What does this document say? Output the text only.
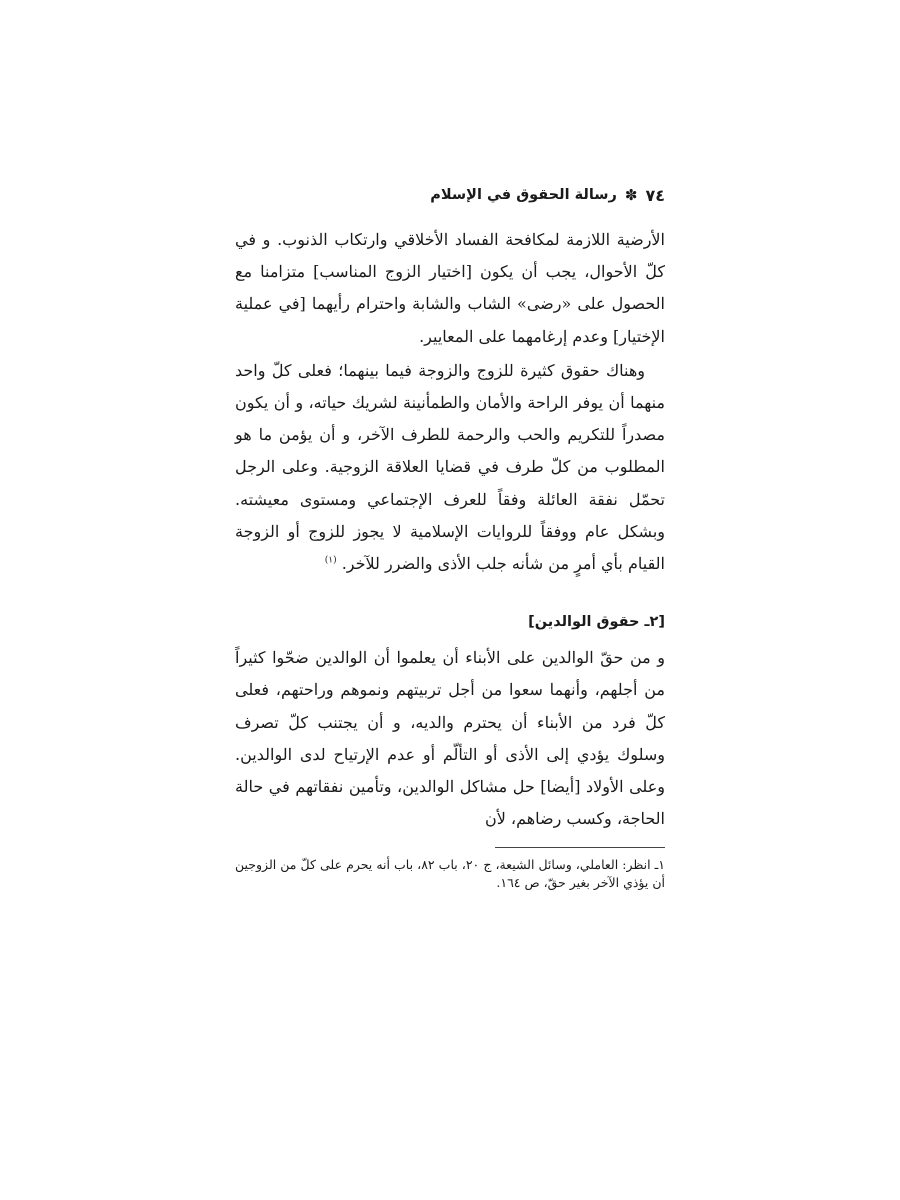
٧٤
✽
رسالة الحقوق في الإسلام

الأرضية اللازمة لمكافحة الفساد الأخلاقي وارتكاب الذنوب. و في كلّ الأحوال، يجب أن يكون [اختيار الزوج المناسب] متزامنا مع الحصول على «رضى» الشاب والشابة واحترام رأيهما [في عملية الإختيار] وعدم إرغامهما على المعايير.

وهناك حقوق كثيرة للزوج والزوجة فيما بينهما؛ فعلى كلّ واحد منهما أن يوفر الراحة والأمان والطمأنينة لشريك حياته، و أن يكون مصدراً للتكريم والحب والرحمة للطرف الآخر، و أن يؤمن ما هو المطلوب من كلّ طرف في قضايا العلاقة الزوجية. وعلى الرجل تحمّل نفقة العائلة وفقاً للعرف الإجتماعي ومستوى معيشته. وبشكل عام ووفقاً للروايات الإسلامية لا يجوز للزوج أو الزوجة القيام بأي أمرٍ من شأنه جلب الأذى والضرر للآخر. $^{(١)}$

[٢ـ حقوق الوالدين]

و من حقّ الوالدين على الأبناء أن يعلموا أن الوالدين ضحّوا كثيراً من أجلهم، وأنهما سعوا من أجل تربيتهم ونموهم وراحتهم، فعلى كلّ فرد من الأبناء أن يحترم والديه، و أن يجتنب كلّ تصرف وسلوك يؤدي إلى الأذى أو التألّم أو عدم الإرتياح لدى الوالدين. وعلى الأولاد [أيضا] حل مشاكل الوالدين، وتأمين نفقاتهم في حالة الحاجة، وكسب رضاهم، لأن

١ـ انظر: العاملي، وسائل الشيعة، ج ٢٠، باب ٨٢، باب أنه يحرم على كلّ من الزوجين أن يؤذي الآخر بغير حقّ، ص ١٦٤.
